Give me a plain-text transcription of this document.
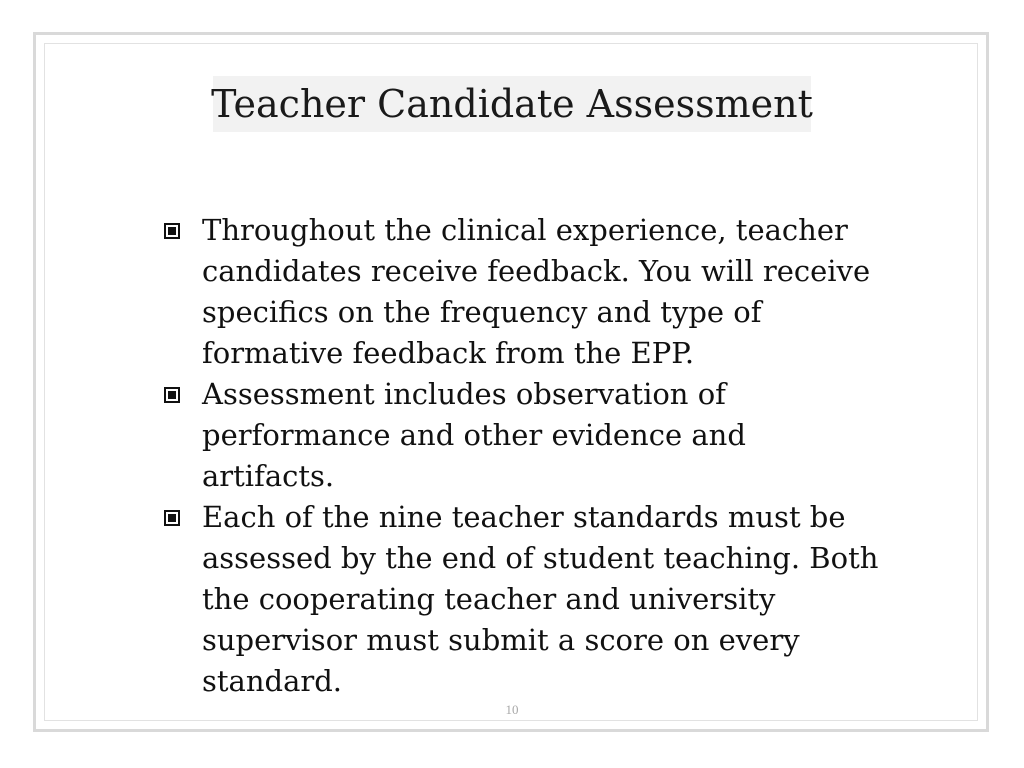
Teacher Candidate Assessment
Throughout the clinical experience, teacher candidates receive feedback. You will receive specifics on the frequency and type of formative feedback from the EPP.
Assessment includes observation of performance and other evidence and artifacts.
Each of the nine teacher standards must be assessed by the end of student teaching. Both the cooperating teacher and university supervisor must submit a score on every standard.
10
